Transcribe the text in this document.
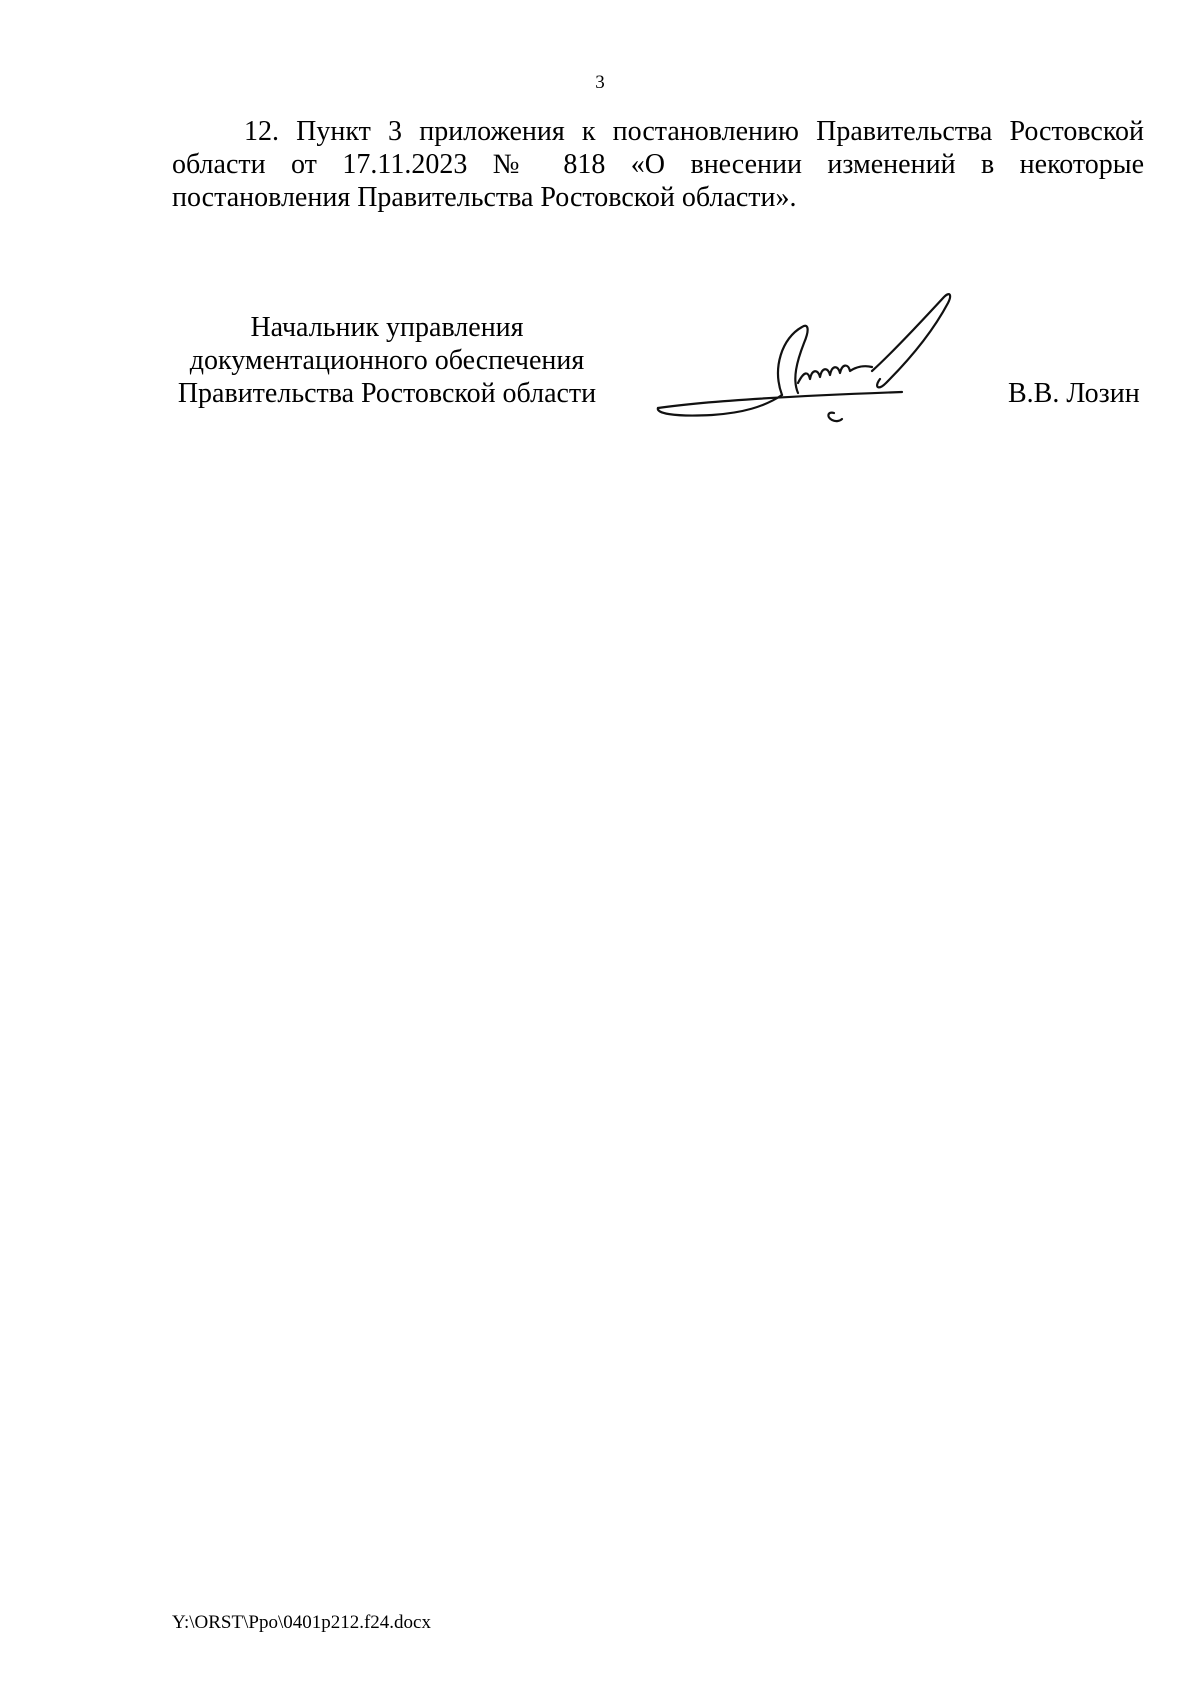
3

12. Пункт 3 приложения к постановлению Правительства Ростовской области от 17.11.2023 № 818 «О внесении изменений в некоторые постановления Правительства Ростовской области».

Начальник управления
документационного обеспечения
Правительства Ростовской области	В.В. Лозин
Y:\ORST\Ppo\0401p212.f24.docx
